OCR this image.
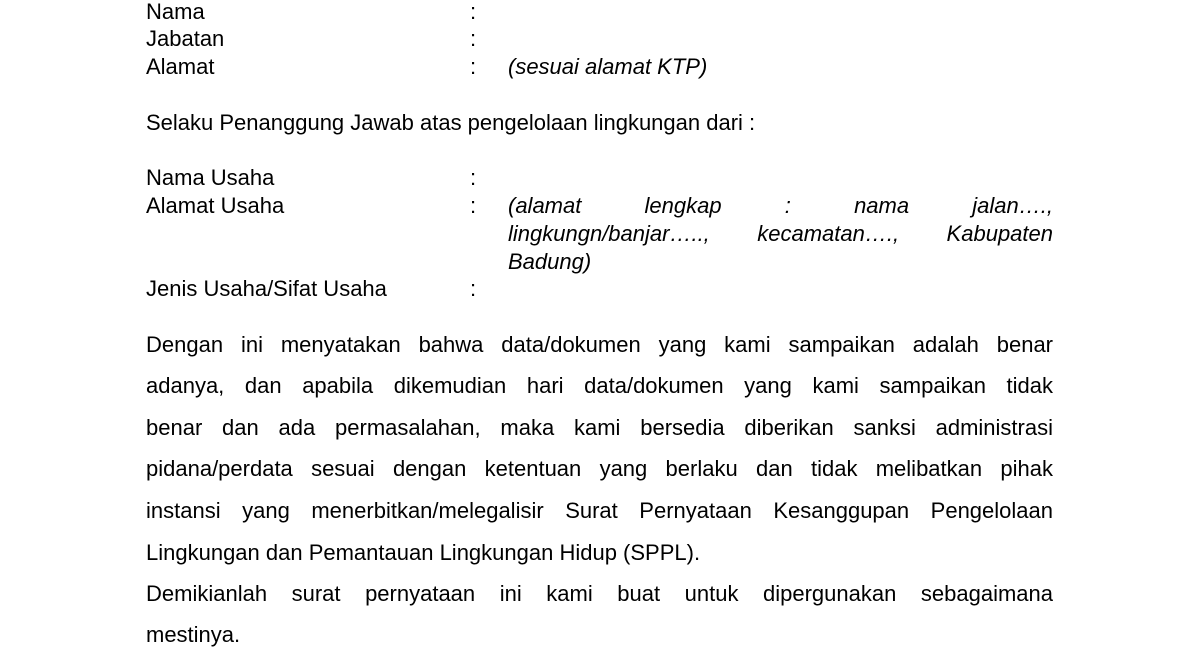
Nama	:
Jabatan	:
Alamat	: (sesuai alamat KTP)
Selaku Penanggung Jawab atas pengelolaan lingkungan dari :
Nama Usaha	:
Alamat Usaha	: (alamat lengkap : nama jalan….,
lingkungn/banjar….., kecamatan…., Kabupaten
Badung)
Jenis Usaha/Sifat Usaha	:
Dengan ini menyatakan bahwa data/dokumen yang kami sampaikan adalah benar
adanya, dan apabila dikemudian hari data/dokumen yang kami sampaikan tidak
benar dan ada permasalahan, maka kami bersedia diberikan sanksi administrasi
pidana/perdata sesuai dengan ketentuan yang berlaku dan tidak melibatkan pihak
instansi yang menerbitkan/melegalisir Surat Pernyataan Kesanggupan Pengelolaan
Lingkungan dan Pemantauan Lingkungan Hidup (SPPL).
Demikianlah surat pernyataan ini kami buat untuk dipergunakan sebagaimana
mestinya.
